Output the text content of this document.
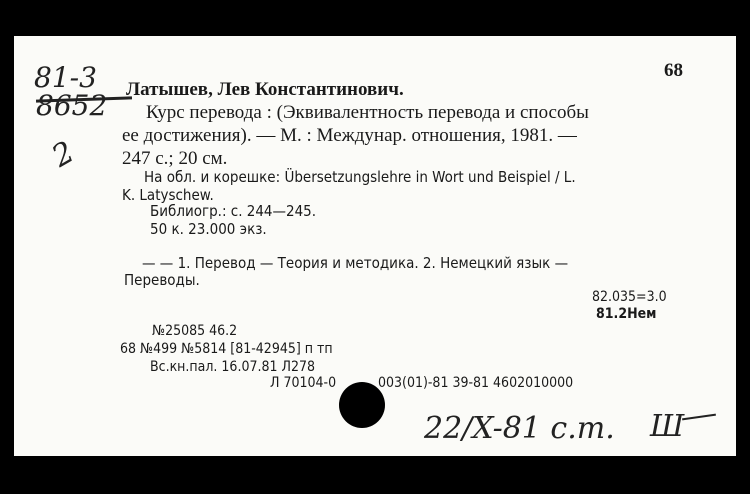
81-3
8652
2
68
Латышев, Лев Константинович.
Курс перевода : (Эквивалентность перевода и способы
ее достижения). — М. : Междунар. отношения, 1981. —
247 с.; 20 см.
На обл. и корешке: Übersetzungslehre in Wort und Beispiel / L.
K. Latyschew.
Библиогр.: с. 244—245.
50 к. 23.000 экз.
— — 1. Перевод — Теория и методика. 2. Немецкий язык —
Переводы.
82.035=3.0
81.2Нем
№25085 46.2
68 №499 №5814 [81-42945] п тп
Вс.кн.пал. 16.07.81 Л278
Л 70104-0	003(01)-81 39-81 4602010000
22/X-81 с.т. Ш
